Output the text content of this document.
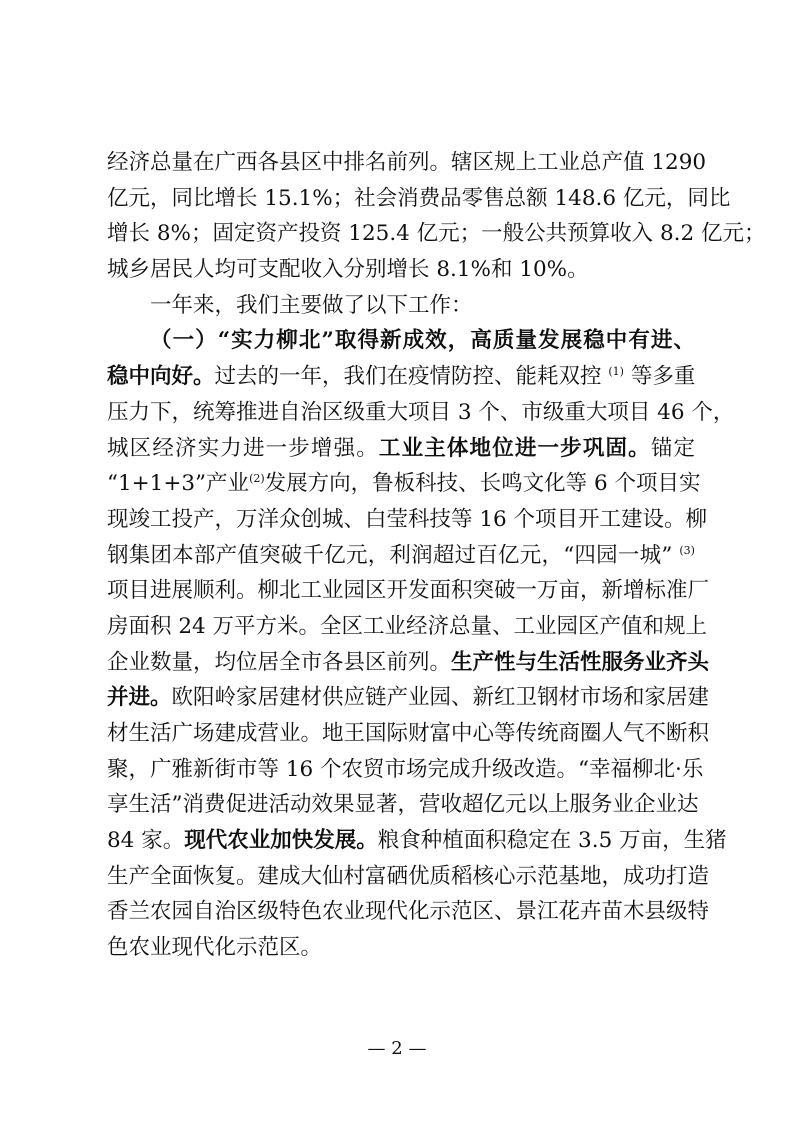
经济总量在广西各县区中排名前列。辖区规上工业总产值 1290
亿元，同比增长 15.1%；社会消费品零售总额 148.6 亿元，同比
增长 8%；固定资产投资 125.4 亿元；一般公共预算收入 8.2 亿元；
城乡居民人均可支配收入分别增长 8.1%和 10%。
一年来，我们主要做了以下工作：
（一）“实力柳北”取得新成效，高质量发展稳中有进、
稳中向好。过去的一年，我们在疫情防控、能耗双控 $^{(1)}$ 等多重
压力下，统筹推进自治区级重大项目 3 个、市级重大项目 46 个，
城区经济实力进一步增强。工业主体地位进一步巩固。锚定
“1+1+3”产业$^{(2)}$发展方向，鲁板科技、长鸣文化等 6 个项目实
现竣工投产，万洋众创城、白莹科技等 16 个项目开工建设。柳
钢集团本部产值突破千亿元，利润超过百亿元，“四园一城” $^{(3)}$
项目进展顺利。柳北工业园区开发面积突破一万亩，新增标准厂
房面积 24 万平方米。全区工业经济总量、工业园区产值和规上
企业数量，均位居全市各县区前列。生产性与生活性服务业齐头
并进。欧阳岭家居建材供应链产业园、新红卫钢材市场和家居建
材生活广场建成营业。地王国际财富中心等传统商圈人气不断积
聚，广雅新街市等 16 个农贸市场完成升级改造。“幸福柳北·乐
享生活”消费促进活动效果显著，营收超亿元以上服务业企业达
84 家。现代农业加快发展。粮食种植面积稳定在 3.5 万亩，生猪
生产全面恢复。建成大仙村富硒优质稻核心示范基地，成功打造
香兰农园自治区级特色农业现代化示范区、景江花卉苗木县级特
色农业现代化示范区。
— 2 —
